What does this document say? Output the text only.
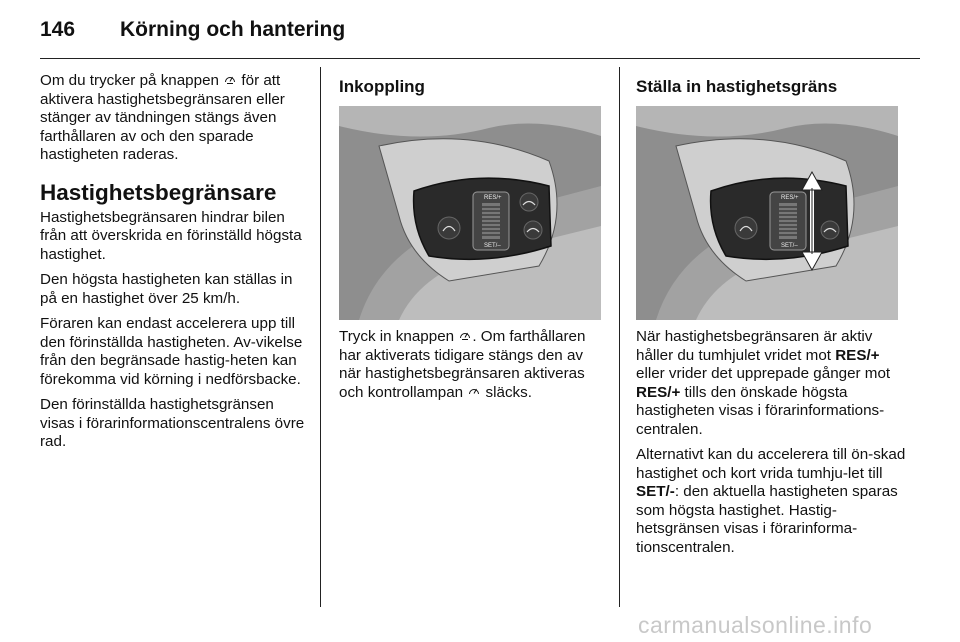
146 Körning och hantering

Om du trycker på knappen  för att aktivera hastighetsbegränsaren eller stänger av tändningen stängs även farthållaren av och den sparade hastigheten raderas.

Hastighetsbegränsare

Hastighetsbegränsaren hindrar bilen från att överskrida en förinställd högsta hastighet.

Den högsta hastigheten kan ställas in på en hastighet över 25 km/h.

Föraren kan endast accelerera upp till den förinställda hastigheten. Av-vikelse från den begränsade hastig-heten kan förekomma vid körning i nedförsbacke.

Den förinställda hastighetsgränsen visas i förarinformationscentralens övre rad.

Inkoppling
RES/+
SET/–

Tryck in knappen . Om farthållaren har aktiverats tidigare stängs den av när hastighetsbegränsaren aktiveras och kontrollampan  släcks.

Ställa in hastighetsgräns
RES/+
SET/–

När hastighetsbegränsaren är aktiv håller du tumhjulet vridet mot RES/+ eller vrider det upprepade gånger mot RES/+ tills den önskade högsta hastigheten visas i förarinformations-centralen.

Alternativt kan du accelerera till ön-skad hastighet och kort vrida tumhju-let till SET/-: den aktuella hastigheten sparas som högsta hastighet. Hastig-hetsgränsen visas i förarinforma-tionscentralen.

carmanualsonline.info
